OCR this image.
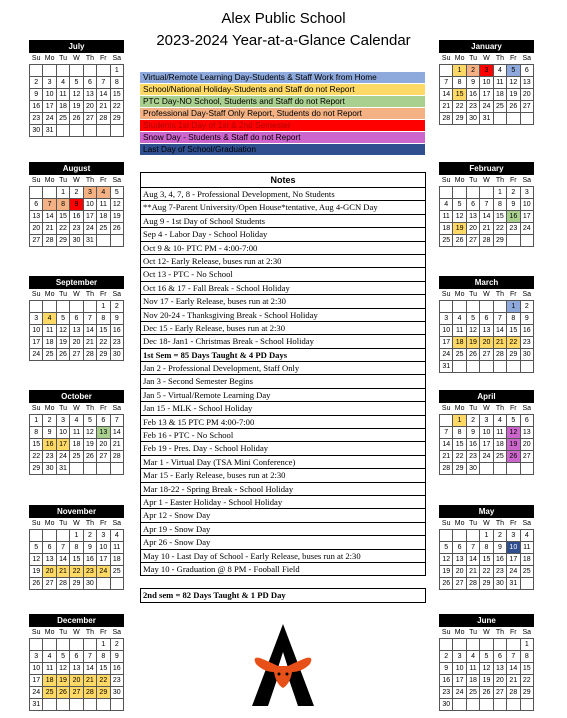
Alex Public School
2023-2024 Year-at-a-Glance Calendar
July
Su	Mo	Tu	W	Th	Fr	Sa
						1
2	3	4	5	6	7	8
9	10	11	12	13	14	15
16	17	18	19	20	21	22
23	24	25	26	27	28	29
30	31					
August
Su	Mo	Tu	W	Th	Fr	Sa
		1	2	3	4	5
6	7	8	9	10	11	12
13	14	15	16	17	18	19
20	21	22	23	24	25	26
27	28	29	30	31		
September
Su	Mo	Tu	W	Th	Fr	Sa
					1	2
3	4	5	6	7	8	9
10	11	12	13	14	15	16
17	18	19	20	21	22	23
24	25	26	27	28	29	30
October
Su	Mo	Tu	W	Th	Fr	Sa
1	2	3	4	5	6	7
8	9	10	11	12	13	14
15	16	17	18	19	20	21
22	23	24	25	26	27	28
29	30	31				
November
Su	Mo	Tu	W	Th	Fr	Sa
			1	2	3	4
5	6	7	8	9	10	11
12	13	14	15	16	17	18
19	20	21	22	23	24	25
26	27	28	29	30		
December
Su	Mo	Tu	W	Th	Fr	Sa
					1	2
3	4	5	6	7	8	9
10	11	12	13	14	15	16
17	18	19	20	21	22	23
24	25	26	27	28	29	30
31						
January
Su	Mo	Tu	W	Th	Fr	Sa
	1	2	3	4	5	6
7	8	9	10	11	12	13
14	15	16	17	18	19	20
21	22	23	24	25	26	27
28	29	30	31			
February
Su	Mo	Tu	W	Th	Fr	Sa
				1	2	3
4	5	6	7	8	9	10
11	12	13	14	15	16	17
18	19	20	21	22	23	24
25	26	27	28	29		
March
Su	Mo	Tu	W	Th	Fr	Sa
					1	2
3	4	5	6	7	8	9
10	11	12	13	14	15	16
17	18	19	20	21	22	23
24	25	26	27	28	29	30
31						
April
Su	Mo	Tu	W	Th	Fr	Sa
	1	2	3	4	5	6
7	8	9	10	11	12	13
14	15	16	17	18	19	20
21	22	23	24	25	26	27
28	29	30				
May
Su	Mo	Tu	W	Th	Fr	Sa
			1	2	3	4
5	6	7	8	9	10	11
12	13	14	15	16	17	18
19	20	21	22	23	24	25
26	27	28	29	30	31	
June
Su	Mo	Tu	W	Th	Fr	Sa
						1
2	3	4	5	6	7	8
9	10	11	12	13	14	15
16	17	18	19	20	21	22
23	24	25	26	27	28	29
30						
Virtual/Remote Learning Day-Students & Staff Work from Home
School/National Holiday-Students and Staff do not Report
PTC Day-NO School, Students and Staff do not Report
Professional Day-Staff Only Report, Students do not Report
Students 1st Day of 1st & 2nd Semester
Snow Day - Students & Staff do not Report
Last Day of School/Graduation
Notes
Aug 3, 4, 7, 8 - Professional Development, No Students
**Aug 7-Parent University/Open House*tentative, Aug 4-GCN Day
Aug 9 - 1st Day of School Students
Sep 4 - Labor Day - School Holiday
Oct 9 & 10- PTC PM - 4:00-7:00
Oct 12- Early Release, buses run at 2:30
Oct 13 - PTC - No School
Oct 16 & 17 - Fall Break - School Holiday
Nov 17 - Early Release, buses run at 2:30
Nov 20-24 - Thanksgiving Break - School Holiday
Dec 15 - Early Release, buses run at 2:30
Dec 18- Jan1 - Christmas Break - School Holiday
1st Sem = 85 Days Taught & 4 PD Days
Jan 2 - Professional Development, Staff Only
Jan 3 - Second Semester Begins
Jan 5 - Virtual/Remote Learning Day
Jan 15 - MLK - School Holiday
Feb 13 & 15 PTC PM 4:00-7:00
Feb 16 - PTC - No School
Feb 19 - Pres. Day - School Holiday
Mar 1 - Virtual Day (TSA Mini Conference)
Mar 15 - Early Release, buses run at 2:30
Mar 18-22 - Spring Break - School Holiday
Apr 1 - Easter Holiday - School Holiday
Apr 12 - Snow Day
Apr 19 - Snow Day
Apr 26 - Snow Day
May 10 - Last Day of School - Early Release, buses run at 2:30
May 10 - Graduation @ 8 PM - Fooball Field
2nd sem = 82 Days Taught & 1 PD Day
